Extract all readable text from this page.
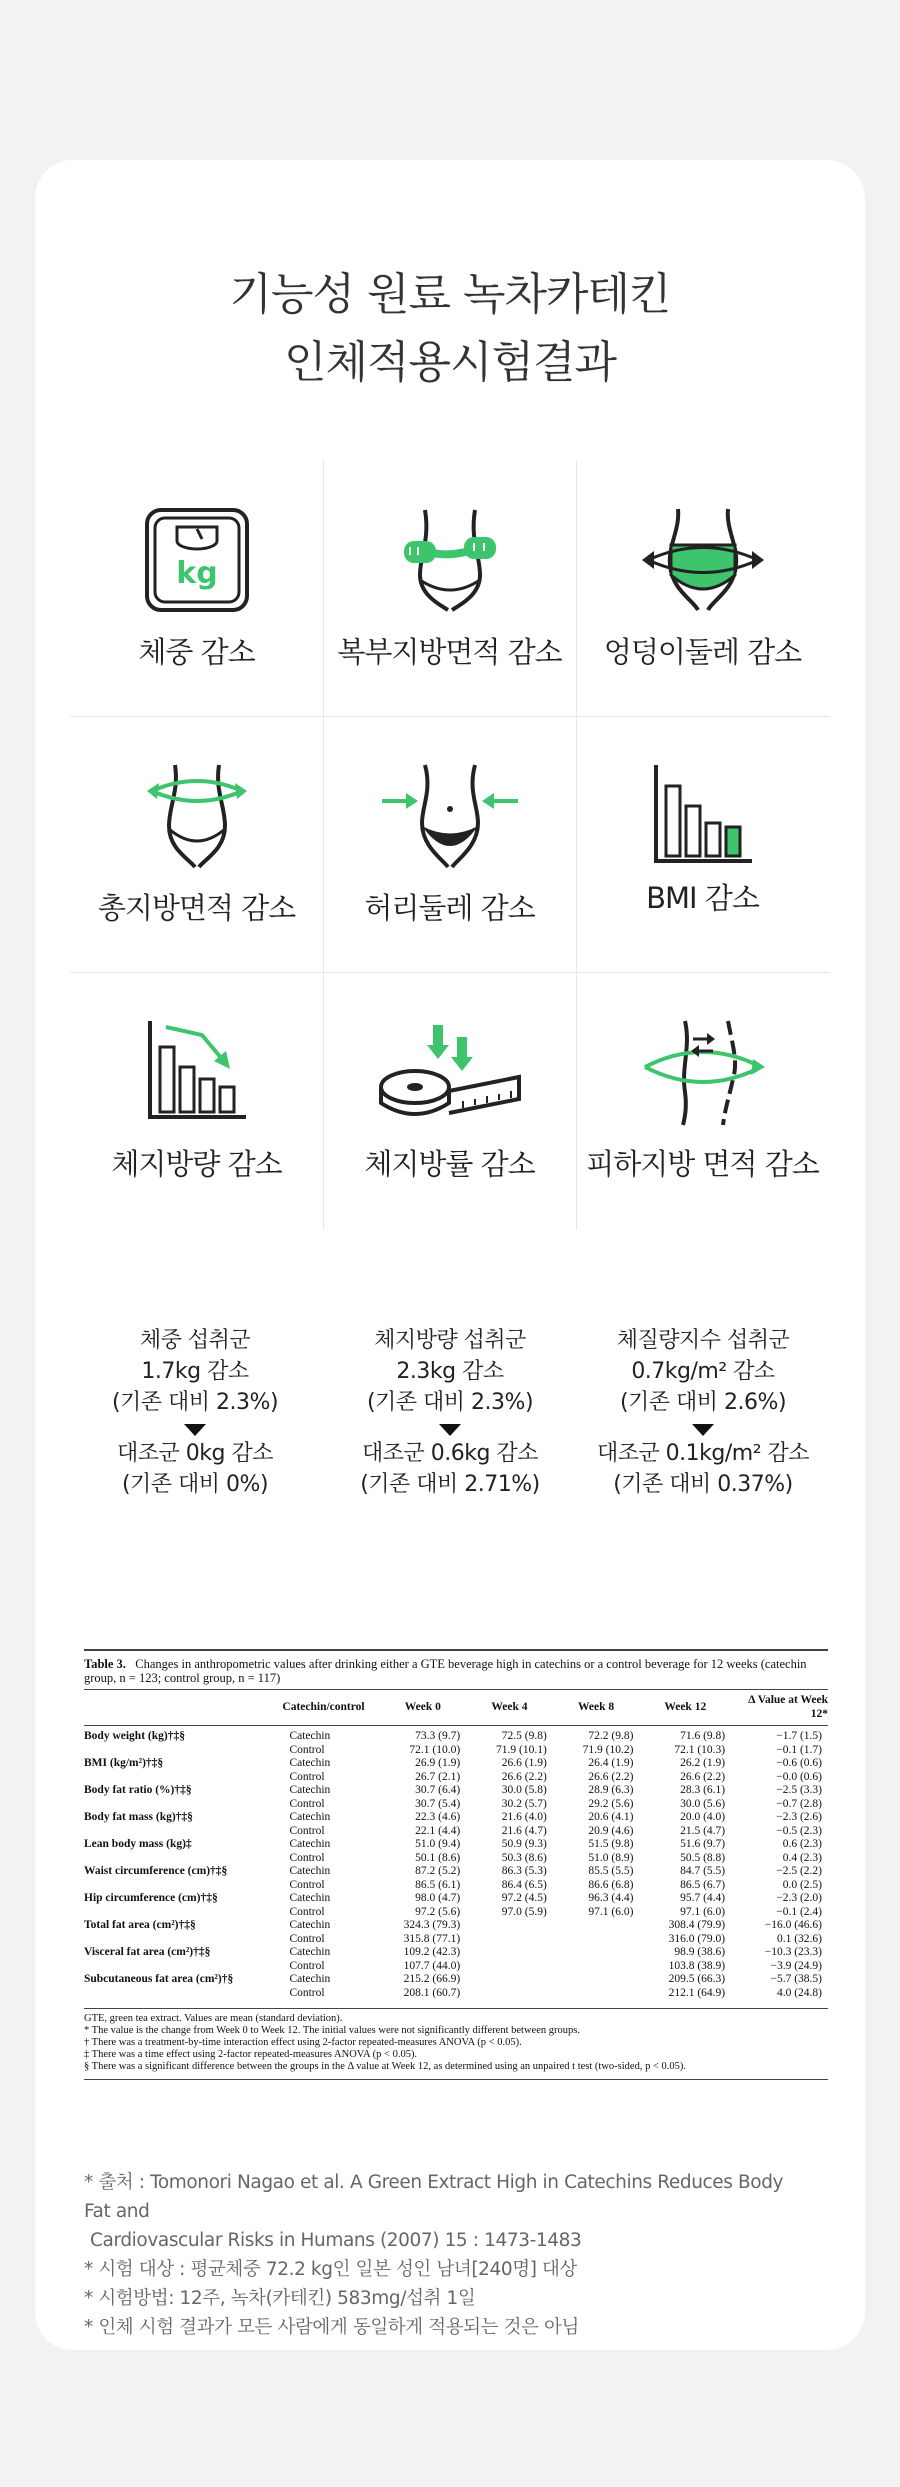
기능성 원료 녹차카테킨
인체적용시험결과
kg
체중 감소	복부지방면적 감소	엉덩이둘레 감소
총지방면적 감소	허리둘레 감소	BMI 감소
체지방량 감소	체지방률 감소	피하지방 면적 감소
체중 섭취군
1.7kg 감소
(기존 대비 2.3%)
대조군 0kg 감소
(기존 대비 0%)
체지방량 섭취군
2.3kg 감소
(기존 대비 2.3%)
대조군 0.6kg 감소
(기존 대비 2.71%)
체질량지수 섭취군
0.7kg/m² 감소
(기존 대비 2.6%)
대조군 0.1kg/m² 감소
(기존 대비 0.37%)
Table 3. Changes in anthropometric values after drinking either a GTE beverage high in catechins or a control beverage for 12 weeks (catechin group, n = 123; control group, n = 117)
	Catechin/control	Week 0	Week 4	Week 8	Week 12	Δ Value at Week 12*
Body weight (kg)†‡§	Catechin	73.3 (9.7)	72.5 (9.8)	72.2 (9.8)	71.6 (9.8)	−1.7 (1.5)
	Control	72.1 (10.0)	71.9 (10.1)	71.9 (10.2)	72.1 (10.3)	−0.1 (1.7)
BMI (kg/m²)†‡§	Catechin	26.9 (1.9)	26.6 (1.9)	26.4 (1.9)	26.2 (1.9)	−0.6 (0.6)
	Control	26.7 (2.1)	26.6 (2.2)	26.6 (2.2)	26.6 (2.2)	−0.0 (0.6)
Body fat ratio (%)†‡§	Catechin	30.7 (6.4)	30.0 (5.8)	28.9 (6.3)	28.3 (6.1)	−2.5 (3.3)
	Control	30.7 (5.4)	30.2 (5.7)	29.2 (5.6)	30.0 (5.6)	−0.7 (2.8)
Body fat mass (kg)†‡§	Catechin	22.3 (4.6)	21.6 (4.0)	20.6 (4.1)	20.0 (4.0)	−2.3 (2.6)
	Control	22.1 (4.4)	21.6 (4.7)	20.9 (4.6)	21.5 (4.7)	−0.5 (2.3)
Lean body mass (kg)‡	Catechin	51.0 (9.4)	50.9 (9.3)	51.5 (9.8)	51.6 (9.7)	0.6 (2.3)
	Control	50.1 (8.6)	50.3 (8.6)	51.0 (8.9)	50.5 (8.8)	0.4 (2.3)
Waist circumference (cm)†‡§	Catechin	87.2 (5.2)	86.3 (5.3)	85.5 (5.5)	84.7 (5.5)	−2.5 (2.2)
	Control	86.5 (6.1)	86.4 (6.5)	86.6 (6.8)	86.5 (6.7)	0.0 (2.5)
Hip circumference (cm)†‡§	Catechin	98.0 (4.7)	97.2 (4.5)	96.3 (4.4)	95.7 (4.4)	−2.3 (2.0)
	Control	97.2 (5.6)	97.0 (5.9)	97.1 (6.0)	97.1 (6.0)	−0.1 (2.4)
Total fat area (cm²)†‡§	Catechin	324.3 (79.3)			308.4 (79.9)	−16.0 (46.6)
	Control	315.8 (77.1)			316.0 (79.0)	0.1 (32.6)
Visceral fat area (cm²)†‡§	Catechin	109.2 (42.3)			98.9 (38.6)	−10.3 (23.3)
	Control	107.7 (44.0)			103.8 (38.9)	−3.9 (24.9)
Subcutaneous fat area (cm²)†§	Catechin	215.2 (66.9)			209.5 (66.3)	−5.7 (38.5)
	Control	208.1 (60.7)			212.1 (64.9)	4.0 (24.8)
GTE, green tea extract. Values are mean (standard deviation).
* The value is the change from Week 0 to Week 12. The initial values were not significantly different between groups.
† There was a treatment-by-time interaction effect using 2-factor repeated-measures ANOVA (p < 0.05).
‡ There was a time effect using 2-factor repeated-measures ANOVA (p < 0.05).
§ There was a significant difference between the groups in the Δ value at Week 12, as determined using an unpaired t test (two-sided, p < 0.05).
* 출처 : Tomonori Nagao et al. A Green Extract High in Catechins Reduces Body Fat and
Cardiovascular Risks in Humans (2007) 15 : 1473-1483
* 시험 대상 : 평균체중 72.2 kg인 일본 성인 남녀[240명] 대상
* 시험방법: 12주, 녹차(카테킨) 583mg/섭취 1일
* 인체 시험 결과가 모든 사람에게 동일하게 적용되는 것은 아님
